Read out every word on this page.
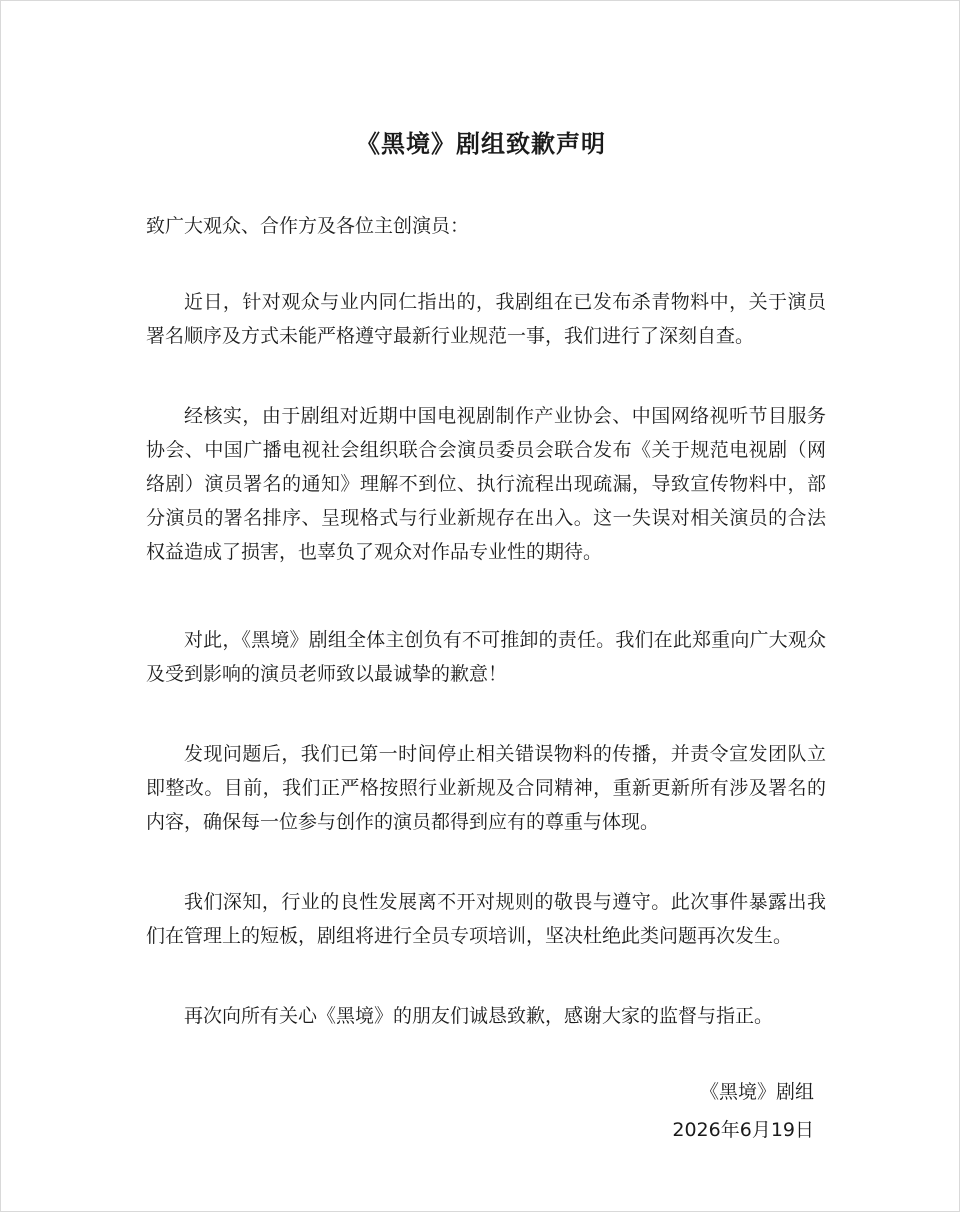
《黑境》剧组致歉声明
致广大观众、合作方及各位主创演员：

近日，针对观众与业内同仁指出的，我剧组在已发布杀青物料中，关于演员署名顺序及方式未能严格遵守最新行业规范一事，我们进行了深刻自查。

经核实，由于剧组对近期中国电视剧制作产业协会、中国网络视听节目服务协会、中国广播电视社会组织联合会演员委员会联合发布《关于规范电视剧（网络剧）演员署名的通知》理解不到位、执行流程出现疏漏，导致宣传物料中，部分演员的署名排序、呈现格式与行业新规存在出入。这一失误对相关演员的合法权益造成了损害，也辜负了观众对作品专业性的期待。

对此，《黑境》剧组全体主创负有不可推卸的责任。我们在此郑重向广大观众及受到影响的演员老师致以最诚挚的歉意！

发现问题后，我们已第一时间停止相关错误物料的传播，并责令宣发团队立即整改。目前，我们正严格按照行业新规及合同精神，重新更新所有涉及署名的内容，确保每一位参与创作的演员都得到应有的尊重与体现。

我们深知，行业的良性发展离不开对规则的敬畏与遵守。此次事件暴露出我们在管理上的短板，剧组将进行全员专项培训，坚决杜绝此类问题再次发生。

再次向所有关心《黑境》的朋友们诚恳致歉，感谢大家的监督与指正。

《黑境》剧组
2026年6月19日
